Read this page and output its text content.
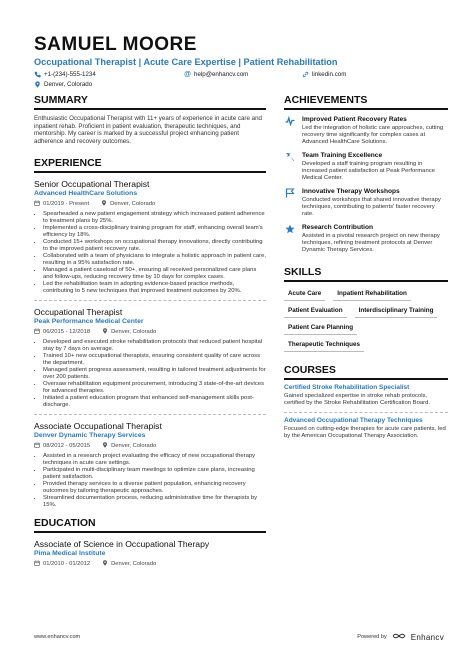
SAMUEL MOORE
Occupational Therapist | Acute Care Expertise | Patient Rehabilitation
+1-(234)-555-1234	@ help@enhancv.com	linkedin.com
Denver, Colorado
SUMMARY
Enthusiastic Occupational Therapist with 11+ years of experience in acute care and inpatient rehab. Proficient in patient evaluation, therapeutic techniques, and mentorship. My career is marked by a successful project enhancing patient adherence and recovery outcomes.
EXPERIENCE
Senior Occupational Therapist
Advanced HealthCare Solutions
01/2019 - Present	Denver, Colorado
• Spearheaded a new patient engagement strategy which increased patient adherence to treatment plans by 25%.
• Implemented a cross-disciplinary training program for staff, enhancing overall team's efficiency by 18%.
• Conducted 15+ workshops on occupational therapy innovations, directly contributing to the improved patient recovery rate.
• Collaborated with a team of physicians to integrate a holistic approach in patient care, resulting in a 95% satisfaction rate.
• Managed a patient caseload of 50+, ensuring all received personalized care plans and follow-ups, reducing recovery time by 10 days for complex cases.
• Led the rehabilitation team in adopting evidence-based practice methods, contributing to 5 new techniques that improved treatment outcomes by 20%.
Occupational Therapist
Peak Performance Medical Center
06/2015 - 12/2018	Denver, Colorado
• Developed and executed stroke rehabilitation protocols that reduced patient hospital stay by 7 days on average.
• Trained 10+ new occupational therapists, ensuring consistent quality of care across the department.
• Managed patient progress assessment, resulting in tailored treatment adjustments for over 200 patients.
• Oversaw rehabilitation equipment procurement, introducing 3 state-of-the-art devices for advanced therapies.
• Initiated a patient education program that enhanced self-management skills post-discharge.
Associate Occupational Therapist
Denver Dynamic Therapy Services
08/2012 - 05/2015	Denver, Colorado
• Assisted in a research project evaluating the efficacy of new occupational therapy techniques in acute care settings.
• Participated in multi-disciplinary team meetings to optimize care plans, increasing patient satisfaction.
• Provided therapy services to a diverse patient population, enhancing recovery outcomes by tailoring therapeutic approaches.
• Streamlined documentation process, reducing administrative time for therapists by 15%.
EDUCATION
Associate of Science in Occupational Therapy
Pima Medical Institute
01/2010 - 01/2012	Denver, Colorado
ACHIEVEMENTS
Improved Patient Recovery Rates
Led the integration of holistic care approaches, cutting recovery time significantly for complex cases at Advanced HealthCare Solutions.
Team Training Excellence
Developed a staff training program resulting in increased patient satisfaction at Peak Performance Medical Center.
Innovative Therapy Workshops
Conducted workshops that shared innovative therapy techniques, contributing to patients' faster recovery rate.
Research Contribution
Assisted in a pivotal research project on new therapy techniques, refining treatment protocols at Denver Dynamic Therapy Services.
SKILLS
Acute Care	Inpatient Rehabilitation
Patient Evaluation	Interdisciplinary Training
Patient Care Planning
Therapeutic Techniques
COURSES
Certified Stroke Rehabilitation Specialist
Gained specialized expertise in stroke rehab protocols, certified by the Stroke Rehabilitation Certification Board.
Advanced Occupational Therapy Techniques
Focused on cutting-edge therapies for acute care patients, led by the American Occupational Therapy Association.
www.enhancv.com	Powered by	Enhancv
